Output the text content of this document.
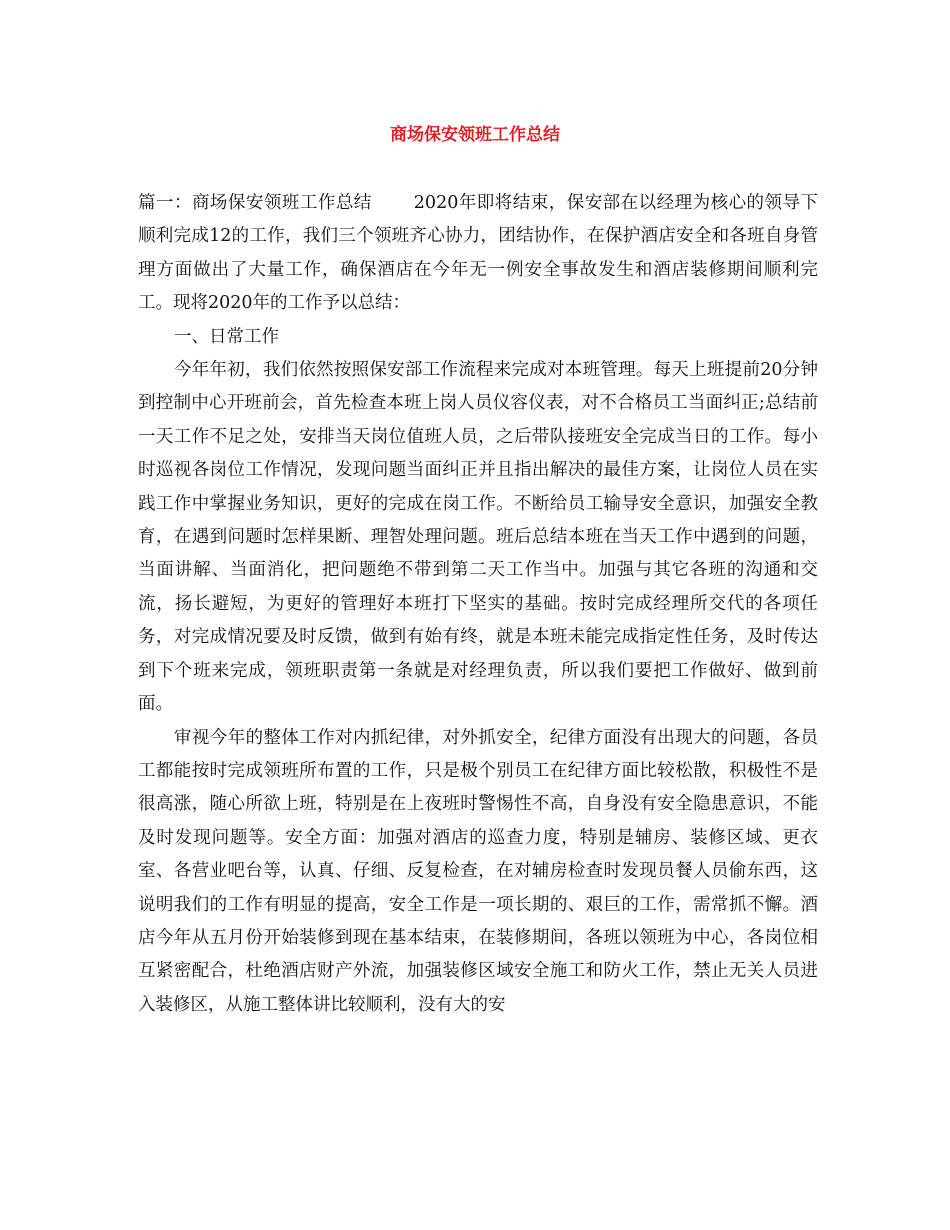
商场保安领班工作总结

篇一：商场保安领班工作总结 2020年即将结束，保安部在以经理为核心的领导下顺利完成12的工作，我们三个领班齐心协力，团结协作，在保护酒店安全和各班自身管理方面做出了大量工作，确保酒店在今年无一例安全事故发生和酒店装修期间顺利完工。现将2020年的工作予以总结：

一、日常工作

今年年初，我们依然按照保安部工作流程来完成对本班管理。每天上班提前20分钟到控制中心开班前会，首先检查本班上岗人员仪容仪表，对不合格员工当面纠正;总结前一天工作不足之处，安排当天岗位值班人员，之后带队接班安全完成当日的工作。每小时巡视各岗位工作情况，发现问题当面纠正并且指出解决的最佳方案，让岗位人员在实践工作中掌握业务知识，更好的完成在岗工作。不断给员工输导安全意识，加强安全教育，在遇到问题时怎样果断、理智处理问题。班后总结本班在当天工作中遇到的问题，当面讲解、当面消化，把问题绝不带到第二天工作当中。加强与其它各班的沟通和交流，扬长避短，为更好的管理好本班打下坚实的基础。按时完成经理所交代的各项任务，对完成情况要及时反馈，做到有始有终，就是本班未能完成指定性任务，及时传达到下个班来完成，领班职责第一条就是对经理负责，所以我们要把工作做好、做到前面。

审视今年的整体工作对内抓纪律，对外抓安全，纪律方面没有出现大的问题，各员工都能按时完成领班所布置的工作，只是极个别员工在纪律方面比较松散，积极性不是很高涨，随心所欲上班，特别是在上夜班时警惕性不高，自身没有安全隐患意识，不能及时发现问题等。安全方面：加强对酒店的巡查力度，特别是辅房、装修区域、更衣室、各营业吧台等，认真、仔细、反复检查，在对辅房检查时发现员餐人员偷东西，这说明我们的工作有明显的提高，安全工作是一项长期的、艰巨的工作，需常抓不懈。酒店今年从五月份开始装修到现在基本结束，在装修期间，各班以领班为中心，各岗位相互紧密配合，杜绝酒店财产外流，加强装修区域安全施工和防火工作，禁止无关人员进入装修区，从施工整体讲比较顺利，没有大的安
